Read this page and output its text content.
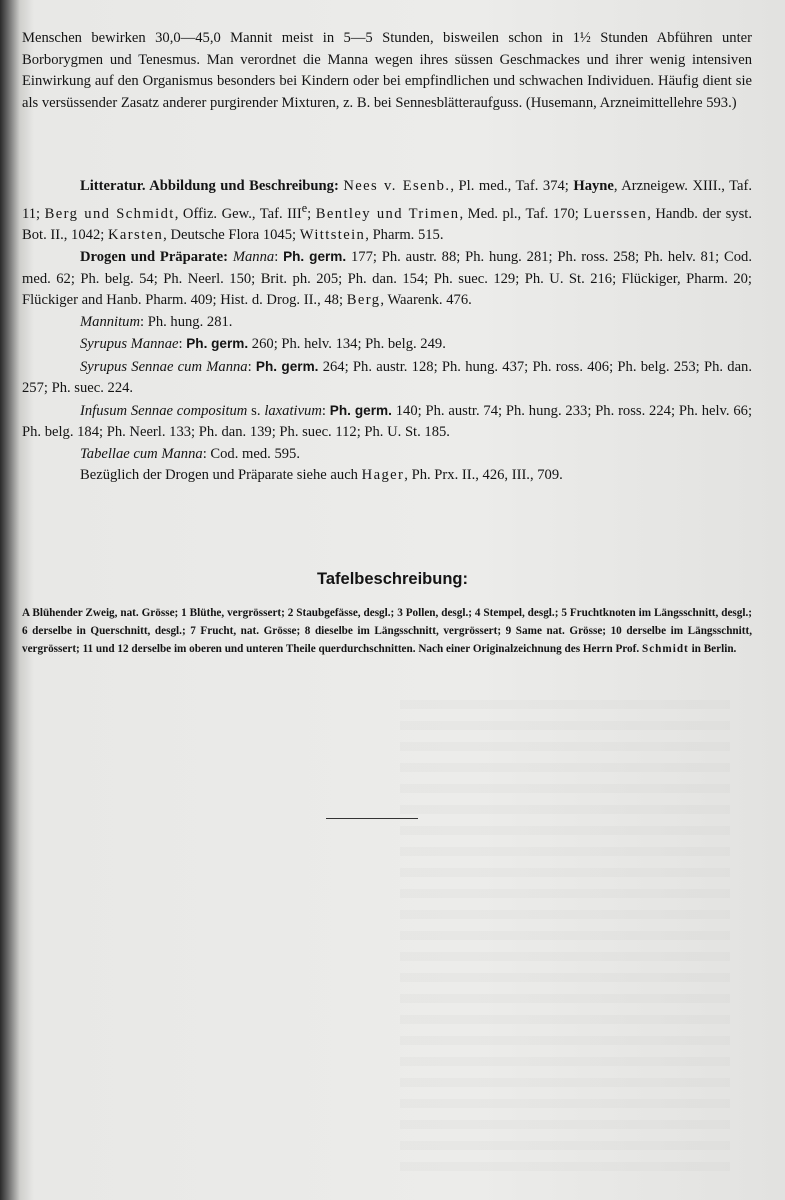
Menschen bewirken 30,0—45,0 Mannit meist in 5—5 Stunden, bisweilen schon in 1½ Stunden Abführen unter Borborygmen und Tenesmus. Man verordnet die Manna wegen ihres süssen Geschmackes und ihrer wenig intensiven Einwirkung auf den Organismus besonders bei Kindern oder bei empfindlichen und schwachen Individuen. Häufig dient sie als versüssender Zasatz anderer purgirender Mixturen, z. B. bei Sennesblätteraufguss. (Husemann, Arzneimittellehre 593.)

Litteratur. Abbildung und Beschreibung: Nees v. Esenb., Pl. med., Taf. 374; Hayne, Arzneigew. XIII., Taf. 11; Berg und Schmidt, Offiz. Gew., Taf. IIIe; Bentley und Trimen, Med. pl., Taf. 170; Luerssen, Handb. der syst. Bot. II., 1042; Karsten, Deutsche Flora 1045; Wittstein, Pharm. 515.

Drogen und Präparate: Manna: Ph. germ. 177; Ph. austr. 88; Ph. hung. 281; Ph. ross. 258; Ph. helv. 81; Cod. med. 62; Ph. belg. 54; Ph. Neerl. 150; Brit. ph. 205; Ph. dan. 154; Ph. suec. 129; Ph. U. St. 216; Flückiger, Pharm. 20; Flückiger and Hanb. Pharm. 409; Hist. d. Drog. II., 48; Berg, Waarenk. 476.

Mannitum: Ph. hung. 281.

Syrupus Mannae: Ph. germ. 260; Ph. helv. 134; Ph. belg. 249.

Syrupus Sennae cum Manna: Ph. germ. 264; Ph. austr. 128; Ph. hung. 437; Ph. ross. 406; Ph. belg. 253; Ph. dan. 257; Ph. suec. 224.

Infusum Sennae compositum s. laxativum: Ph. germ. 140; Ph. austr. 74; Ph. hung. 233; Ph. ross. 224; Ph. helv. 66; Ph. belg. 184; Ph. Neerl. 133; Ph. dan. 139; Ph. suec. 112; Ph. U. St. 185.

Tabellae cum Manna: Cod. med. 595.

Bezüglich der Drogen und Präparate siehe auch Hager, Ph. Prx. II., 426, III., 709.

Tafelbeschreibung:

A Blühender Zweig, nat. Grösse; 1 Blüthe, vergrössert; 2 Staubgefässe, desgl.; 3 Pollen, desgl.; 4 Stempel, desgl.; 5 Fruchtknoten im Längsschnitt, desgl.; 6 derselbe in Querschnitt, desgl.; 7 Frucht, nat. Grösse; 8 dieselbe im Längsschnitt, vergrössert; 9 Same nat. Grösse; 10 derselbe im Längsschnitt, vergrössert; 11 und 12 derselbe im oberen und unteren Theile querdurchschnitten. Nach einer Originalzeichnung des Herrn Prof. Schmidt in Berlin.
